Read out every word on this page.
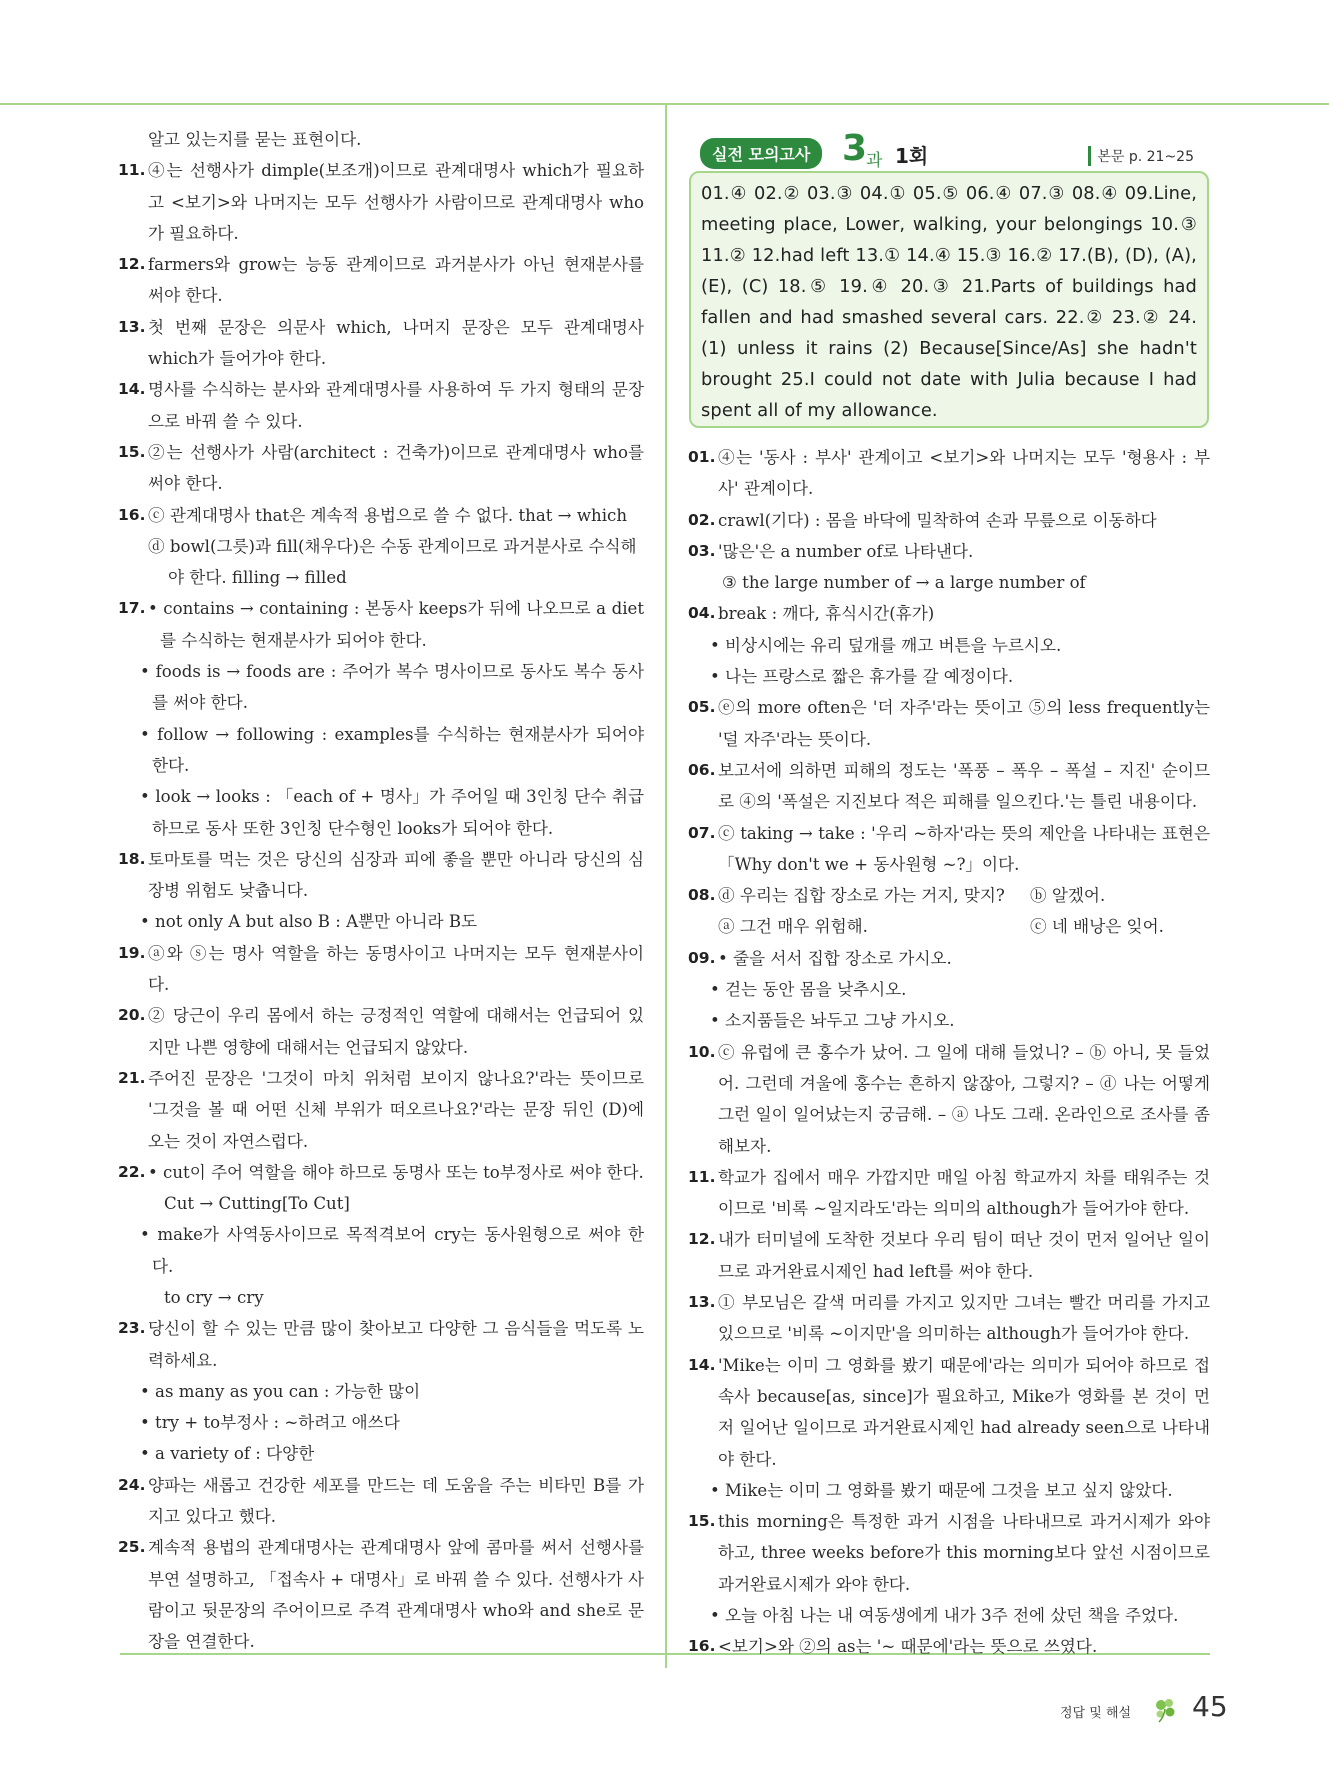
알고 있는지를 묻는 표현이다.
11. ④는 선행사가 dimple(보조개)이므로 관계대명사 which가 필요하고 <보기>와 나머지는 모두 선행사가 사람이므로 관계대명사 who가 필요하다.
12. farmers와 grow는 능동 관계이므로 과거분사가 아닌 현재분사를 써야 한다.
13. 첫 번째 문장은 의문사 which, 나머지 문장은 모두 관계대명사 which가 들어가야 한다.
14. 명사를 수식하는 분사와 관계대명사를 사용하여 두 가지 형태의 문장으로 바꿔 쓸 수 있다.
15. ②는 선행사가 사람(architect : 건축가)이므로 관계대명사 who를 써야 한다.
16. ⓒ 관계대명사 that은 계속적 용법으로 쓸 수 없다. that → which
ⓓ bowl(그릇)과 fill(채우다)은 수동 관계이므로 과거분사로 수식해
야 한다. filling → filled
17. • contains → containing : 본동사 keeps가 뒤에 나오므로 a diet를 수식하는 현재분사가 되어야 한다.
• foods is → foods are : 주어가 복수 명사이므로 동사도 복수 동사를 써야 한다.
• follow → following : examples를 수식하는 현재분사가 되어야 한다.
• look → looks : 「each of + 명사」가 주어일 때 3인칭 단수 취급하므로 동사 또한 3인칭 단수형인 looks가 되어야 한다.
18. 토마토를 먹는 것은 당신의 심장과 피에 좋을 뿐만 아니라 당신의 심장병 위험도 낮춥니다.
• not only A but also B : A뿐만 아니라 B도
19. ⓐ와 ⓢ는 명사 역할을 하는 동명사이고 나머지는 모두 현재분사이다.
20. ② 당근이 우리 몸에서 하는 긍정적인 역할에 대해서는 언급되어 있지만 나쁜 영향에 대해서는 언급되지 않았다.
21. 주어진 문장은 '그것이 마치 위처럼 보이지 않나요?'라는 뜻이므로 '그것을 볼 때 어떤 신체 부위가 떠오르나요?'라는 문장 뒤인 (D)에 오는 것이 자연스럽다.
22. • cut이 주어 역할을 해야 하므로 동명사 또는 to부정사로 써야 한다.
Cut → Cutting[To Cut]
• make가 사역동사이므로 목적격보어 cry는 동사원형으로 써야 한다.
to cry → cry
23. 당신이 할 수 있는 만큼 많이 찾아보고 다양한 그 음식들을 먹도록 노력하세요.
• as many as you can : 가능한 많이
• try + to부정사 : ~하려고 애쓰다
• a variety of : 다양한
24. 양파는 새롭고 건강한 세포를 만드는 데 도움을 주는 비타민 B를 가지고 있다고 했다.
25. 계속적 용법의 관계대명사는 관계대명사 앞에 콤마를 써서 선행사를 부연 설명하고, 「접속사 + 대명사」로 바꿔 쓸 수 있다. 선행사가 사람이고 뒷문장의 주어이므로 주격 관계대명사 who와 and she로 문장을 연결한다.
실전 모의고사 3
과 1회	본문 p. 21~25
01.④ 02.② 03.③ 04.① 05.⑤ 06.④ 07.③ 08.④ 09.Line, meeting place, Lower, walking, your belongings 10.③ 11.② 12.had left 13.① 14.④ 15.③ 16.② 17.(B), (D), (A), (E), (C) 18.⑤ 19.④ 20.③ 21.Parts of buildings had fallen and had smashed several cars. 22.② 23.② 24.(1) unless it rains (2) Because[Since/As] she hadn't brought 25.I could not date with Julia because I had spent all of my allowance.
01. ④는 '동사 : 부사' 관계이고 <보기>와 나머지는 모두 '형용사 : 부사' 관계이다.
02. crawl(기다) : 몸을 바닥에 밀착하여 손과 무릎으로 이동하다
03. '많은'은 a number of로 나타낸다.
③ the large number of → a large number of
04. break : 깨다, 휴식시간(휴가)
• 비상시에는 유리 덮개를 깨고 버튼을 누르시오.
• 나는 프랑스로 짧은 휴가를 갈 예정이다.
05. ⓔ의 more often은 '더 자주'라는 뜻이고 ⑤의 less frequently는 '덜 자주'라는 뜻이다.
06. 보고서에 의하면 피해의 정도는 '폭풍 – 폭우 – 폭설 – 지진' 순이므로 ④의 '폭설은 지진보다 적은 피해를 일으킨다.'는 틀린 내용이다.
07. ⓒ taking → take : '우리 ~하자'라는 뜻의 제안을 나타내는 표현은 「Why don't we + 동사원형 ~?」이다.
08. ⓓ 우리는 집합 장소로 가는 거지, 맞지?	ⓑ 알겠어.
ⓐ 그건 매우 위험해.	ⓒ 네 배낭은 잊어.
09. • 줄을 서서 집합 장소로 가시오.
• 걷는 동안 몸을 낮추시오.
• 소지품들은 놔두고 그냥 가시오.
10. ⓒ 유럽에 큰 홍수가 났어. 그 일에 대해 들었니? – ⓑ 아니, 못 들었어. 그런데 겨울에 홍수는 흔하지 않잖아, 그렇지? – ⓓ 나는 어떻게 그런 일이 일어났는지 궁금해. – ⓐ 나도 그래. 온라인으로 조사를 좀 해보자.
11. 학교가 집에서 매우 가깝지만 매일 아침 학교까지 차를 태워주는 것이므로 '비록 ~일지라도'라는 의미의 although가 들어가야 한다.
12. 내가 터미널에 도착한 것보다 우리 팀이 떠난 것이 먼저 일어난 일이므로 과거완료시제인 had left를 써야 한다.
13. ① 부모님은 갈색 머리를 가지고 있지만 그녀는 빨간 머리를 가지고 있으므로 '비록 ~이지만'을 의미하는 although가 들어가야 한다.
14. 'Mike는 이미 그 영화를 봤기 때문에'라는 의미가 되어야 하므로 접속사 because[as, since]가 필요하고, Mike가 영화를 본 것이 먼저 일어난 일이므로 과거완료시제인 had already seen으로 나타내야 한다.
• Mike는 이미 그 영화를 봤기 때문에 그것을 보고 싶지 않았다.
15. this morning은 특정한 과거 시점을 나타내므로 과거시제가 와야 하고, three weeks before가 this morning보다 앞선 시점이므로 과거완료시제가 와야 한다.
• 오늘 아침 나는 내 여동생에게 내가 3주 전에 샀던 책을 주었다.
16. <보기>와 ②의 as는 '~ 때문에'라는 뜻으로 쓰였다.
정답 및 해설 45
